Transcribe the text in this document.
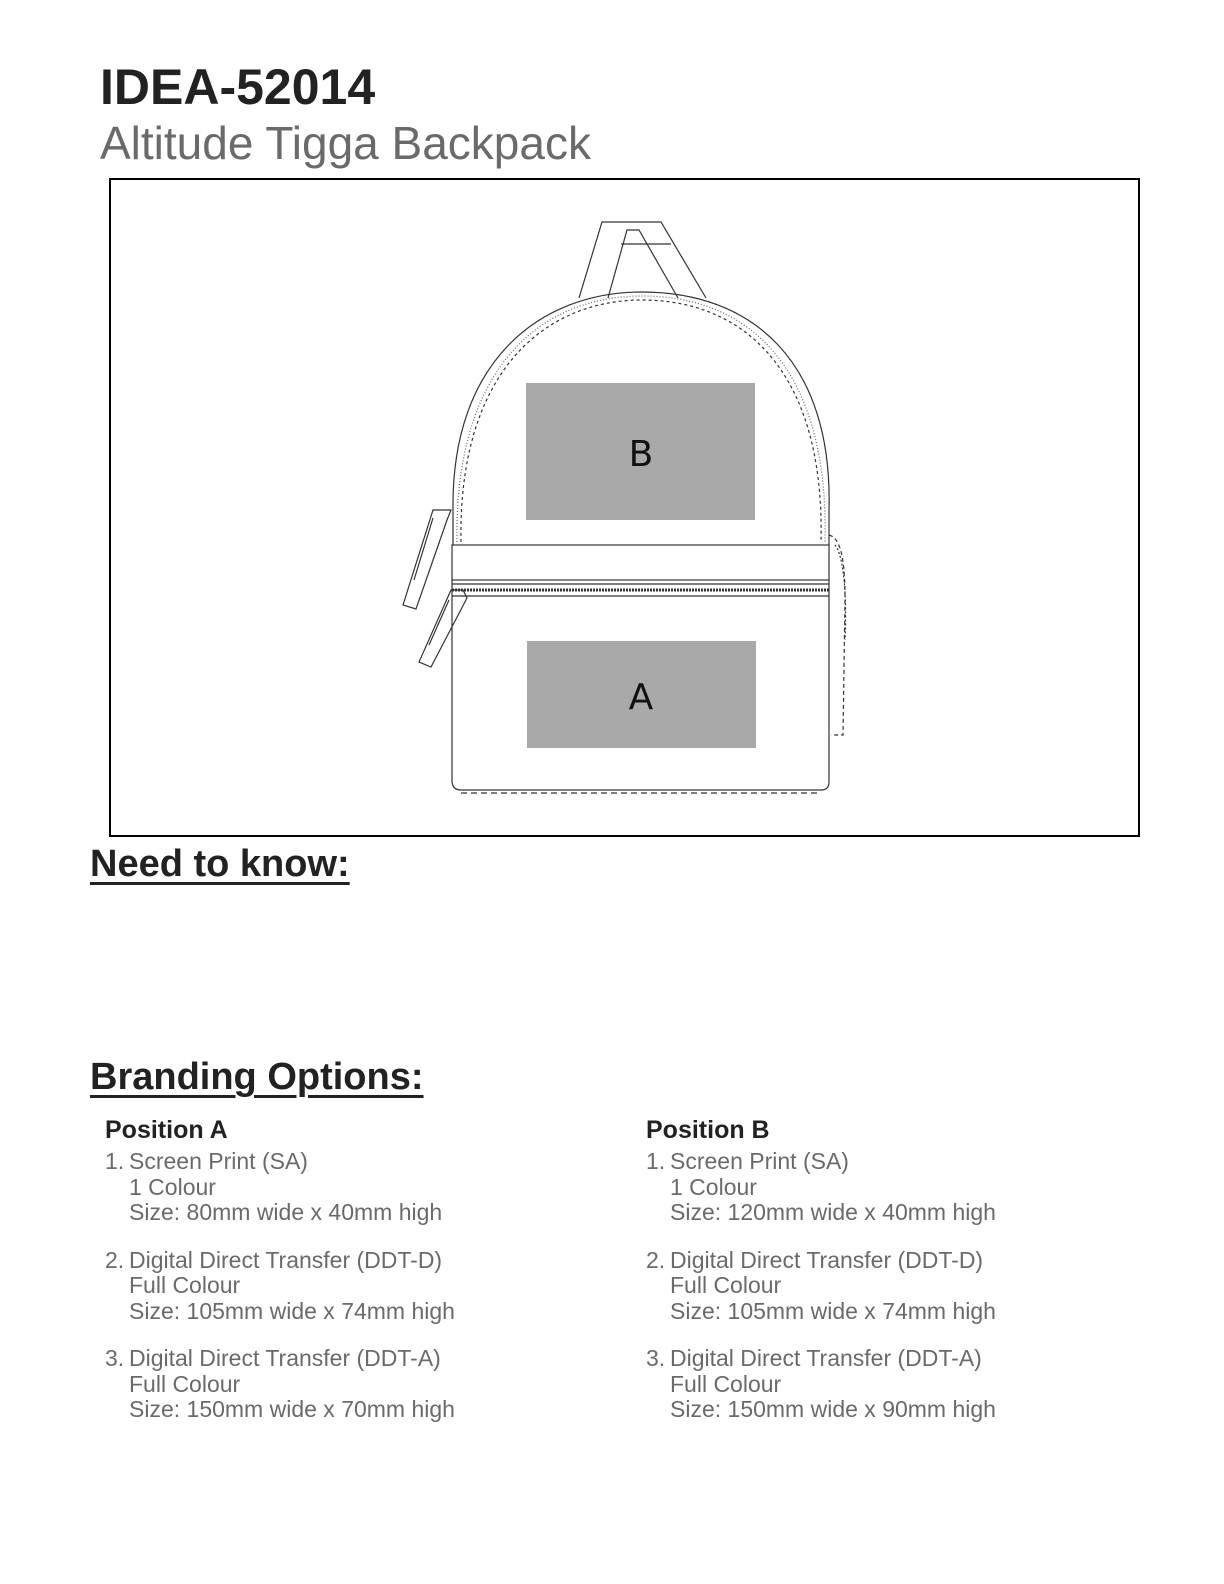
IDEA-52014
Altitude Tigga Backpack
B
A
Need to know:
Branding Options:
Position A
1. Screen Print (SA)
1 Colour
Size: 80mm wide x 40mm high
2. Digital Direct Transfer (DDT-D)
Full Colour
Size: 105mm wide x 74mm high
3. Digital Direct Transfer (DDT-A)
Full Colour
Size: 150mm wide x 70mm high
Position B
1. Screen Print (SA)
1 Colour
Size: 120mm wide x 40mm high
2. Digital Direct Transfer (DDT-D)
Full Colour
Size: 105mm wide x 74mm high
3. Digital Direct Transfer (DDT-A)
Full Colour
Size: 150mm wide x 90mm high
